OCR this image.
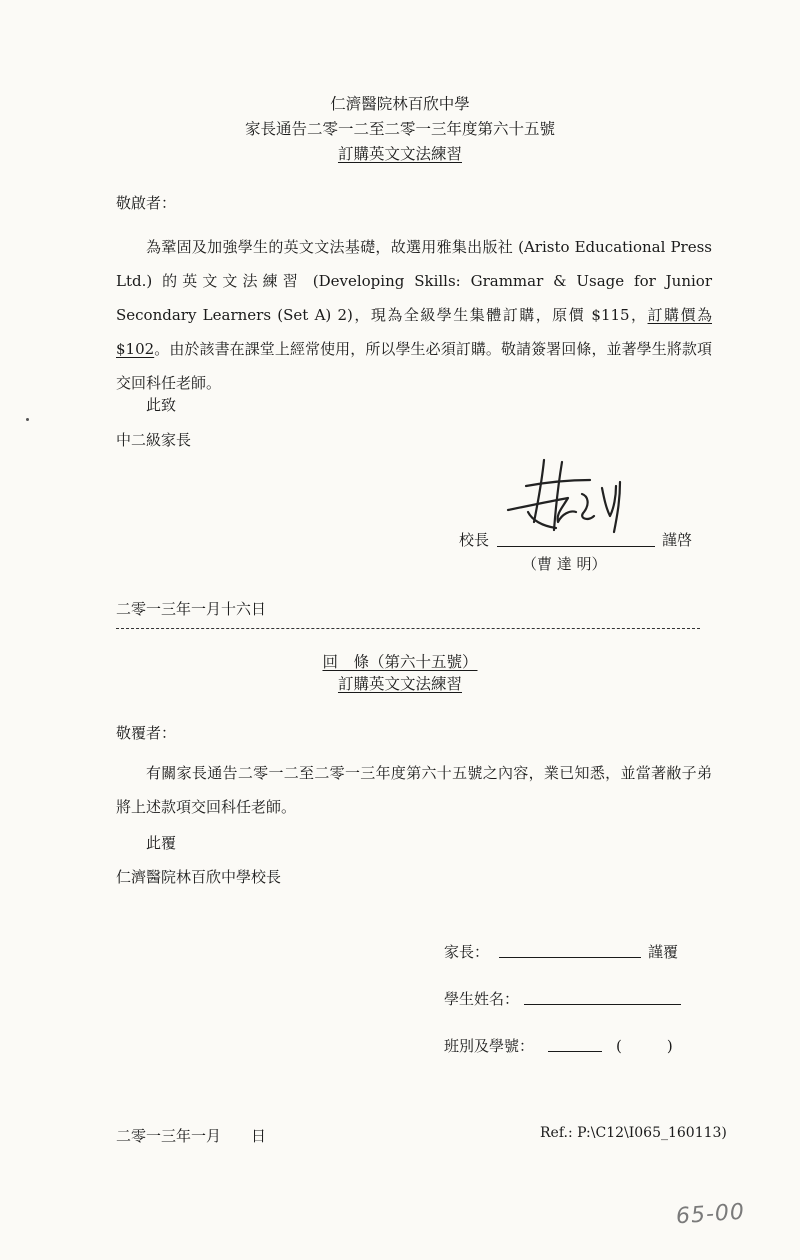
仁濟醫院林百欣中學
家長通告二零一二至二零一三年度第六十五號
訂購英文文法練習
敬啟者：
為鞏固及加強學生的英文文法基礎，故選用雅集出版社 (Aristo Educational Press Ltd.) 的英文文法練習 (Developing Skills: Grammar & Usage for Junior Secondary Learners (Set A) 2)，現為全級學生集體訂購，原價 $115，訂購價為 $102。由於該書在課堂上經常使用，所以學生必須訂購。敬請簽署回條，並著學生將款項交回科任老師。
此致
中二級家長
校長	謹啓
（曹 達 明）
二零一三年一月十六日
回　條（第六十五號）
訂購英文文法練習
敬覆者：
有關家長通告二零一二至二零一三年度第六十五號之內容，業已知悉，並當著敝子弟將上述款項交回科任老師。
此覆
仁濟醫院林百欣中學校長
家長：	謹覆
學生姓名：
班別及學號：	(　　　)
二零一三年一月　　日	Ref.: P:\C12\I065_160113)
65-00
